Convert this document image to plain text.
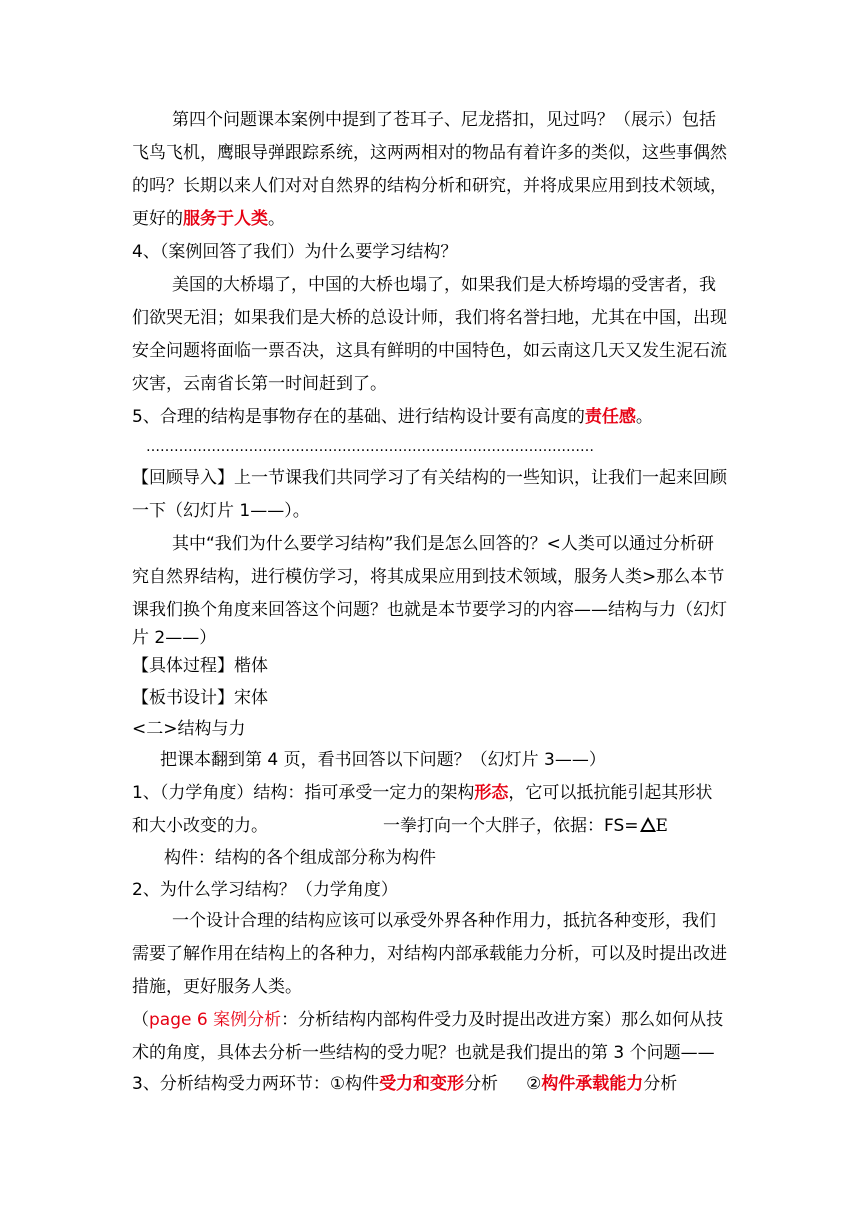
第四个问题课本案例中提到了苍耳子、尼龙搭扣，见过吗？（展示）包括
飞鸟飞机，鹰眼导弹跟踪系统，这两两相对的物品有着许多的类似，这些事偶然
的吗？长期以来人们对对自然界的结构分析和研究，并将成果应用到技术领域，
更好的服务于人类。
4、（案例回答了我们）为什么要学习结构？
美国的大桥塌了，中国的大桥也塌了，如果我们是大桥垮塌的受害者，我
们欲哭无泪；如果我们是大桥的总设计师，我们将名誉扫地，尤其在中国，出现
安全问题将面临一票否决，这具有鲜明的中国特色，如云南这几天又发生泥石流
灾害，云南省长第一时间赶到了。
5、合理的结构是事物存在的基础、进行结构设计要有高度的责任感。
……………………………………………………………………………………
【回顾导入】上一节课我们共同学习了有关结构的一些知识，让我们一起来回顾
一下（幻灯片 1——）。
其中“我们为什么要学习结构”我们是怎么回答的？<人类可以通过分析研
究自然界结构，进行模仿学习，将其成果应用到技术领域，服务人类>那么本节
课我们换个角度来回答这个问题？也就是本节要学习的内容——结构与力（幻灯
片 2——）
【具体过程】楷体
【板书设计】宋体
<二>结构与力
把课本翻到第 4 页，看书回答以下问题？（幻灯片 3——）
1、（力学角度）结构：指可承受一定力的架构形态，它可以抵抗能引起其形状
和大小改变的力。	一拳打向一个大胖子，依据：FS= E
构件：结构的各个组成部分称为构件
2、为什么学习结构？（力学角度）
一个设计合理的结构应该可以承受外界各种作用力，抵抗各种变形，我们
需要了解作用在结构上的各种力，对结构内部承载能力分析，可以及时提出改进
措施，更好服务人类。
（page 6 案例分析：分析结构内部构件受力及时提出改进方案）那么如何从技
术的角度，具体去分析一些结构的受力呢？也就是我们提出的第 3 个问题——
3、分析结构受力两环节：①构件受力和变形分析 ②构件承载能力分析
